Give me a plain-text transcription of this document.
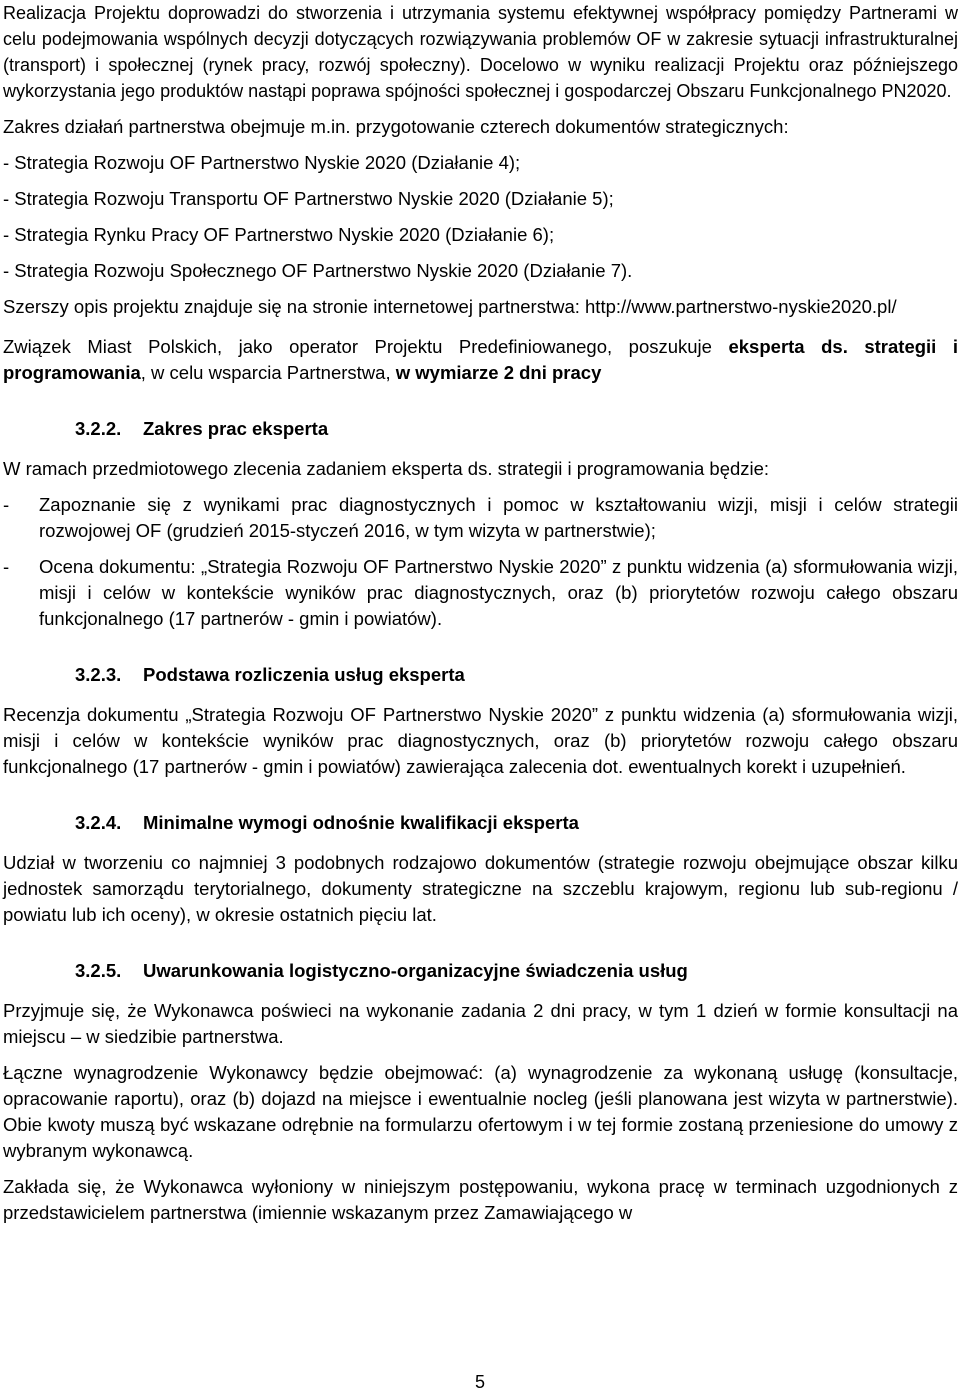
Realizacja Projektu doprowadzi do stworzenia i utrzymania systemu efektywnej współpracy pomiędzy Partnerami w celu podejmowania wspólnych decyzji dotyczących rozwiązywania problemów OF w zakresie sytuacji infrastrukturalnej (transport) i społecznej (rynek pracy, rozwój społeczny). Docelowo w wyniku realizacji Projektu oraz późniejszego wykorzystania jego produktów nastąpi poprawa spójności społecznej i gospodarczej Obszaru Funkcjonalnego PN2020.

Zakres działań partnerstwa obejmuje m.in. przygotowanie czterech dokumentów strategicznych:

- Strategia Rozwoju OF Partnerstwo Nyskie 2020 (Działanie 4);

- Strategia Rozwoju Transportu OF Partnerstwo Nyskie 2020 (Działanie 5);

- Strategia Rynku Pracy OF Partnerstwo Nyskie 2020 (Działanie 6);

- Strategia Rozwoju Społecznego OF Partnerstwo Nyskie 2020 (Działanie 7).

Szerszy opis projektu znajduje się na stronie internetowej partnerstwa: http://www.partnerstwo-nyskie2020.pl/

Związek Miast Polskich, jako operator Projektu Predefiniowanego, poszukuje eksperta ds. strategii i programowania, w celu wsparcia Partnerstwa, w wymiarze 2 dni pracy

3.2.2.	Zakres prac eksperta

W ramach przedmiotowego zlecenia zadaniem eksperta ds. strategii i programowania będzie:

-	Zapoznanie się z wynikami prac diagnostycznych i pomoc w kształtowaniu wizji, misji i celów strategii rozwojowej OF (grudzień 2015-styczeń 2016, w tym wizyta w partnerstwie);
-	Ocena dokumentu: „Strategia Rozwoju OF Partnerstwo Nyskie 2020” z punktu widzenia (a) sformułowania wizji, misji i celów w kontekście wyników prac diagnostycznych, oraz (b) priorytetów rozwoju całego obszaru funkcjonalnego (17 partnerów - gmin i powiatów).
3.2.3.	Podstawa rozliczenia usług eksperta

Recenzja dokumentu „Strategia Rozwoju OF Partnerstwo Nyskie 2020” z punktu widzenia (a) sformułowania wizji, misji i celów w kontekście wyników prac diagnostycznych, oraz (b) priorytetów rozwoju całego obszaru funkcjonalnego (17 partnerów - gmin i powiatów) zawierająca zalecenia dot. ewentualnych korekt i uzupełnień.

3.2.4.	Minimalne wymogi odnośnie kwalifikacji eksperta

Udział w tworzeniu co najmniej 3 podobnych rodzajowo dokumentów (strategie rozwoju obejmujące obszar kilku jednostek samorządu terytorialnego, dokumenty strategiczne na szczeblu krajowym, regionu lub sub-regionu / powiatu lub ich oceny), w okresie ostatnich pięciu lat.

3.2.5.	Uwarunkowania logistyczno-organizacyjne świadczenia usług

Przyjmuje się, że Wykonawca poświeci na wykonanie zadania 2 dni pracy, w tym 1 dzień w formie konsultacji na miejscu – w siedzibie partnerstwa.

Łączne wynagrodzenie Wykonawcy będzie obejmować: (a) wynagrodzenie za wykonaną usługę (konsultacje, opracowanie raportu), oraz (b) dojazd na miejsce i ewentualnie nocleg (jeśli planowana jest wizyta w partnerstwie). Obie kwoty muszą być wskazane odrębnie na formularzu ofertowym i w tej formie zostaną przeniesione do umowy z wybranym wykonawcą.

Zakłada się, że Wykonawca wyłoniony w niniejszym postępowaniu, wykona pracę w terminach uzgodnionych z przedstawicielem partnerstwa (imiennie wskazanym przez Zamawiającego w

5
